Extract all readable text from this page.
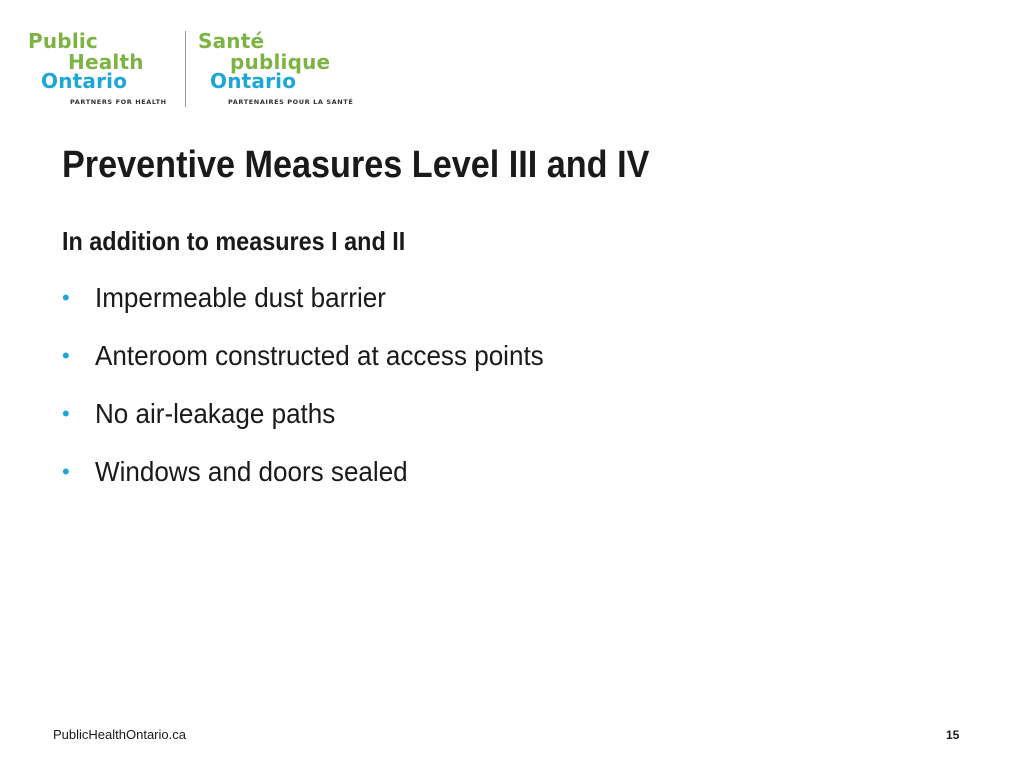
Public
Health
Ontario
PARTNERS FOR HEALTH
Santé
publique
Ontario
PARTENAIRES POUR LA SANTÉ
Preventive Measures Level III and IV

In addition to measures I and II

• Impermeable dust barrier
• Anteroom constructed at access points
• No air-leakage paths
• Windows and doors sealed
PublicHealthOntario.ca	15
